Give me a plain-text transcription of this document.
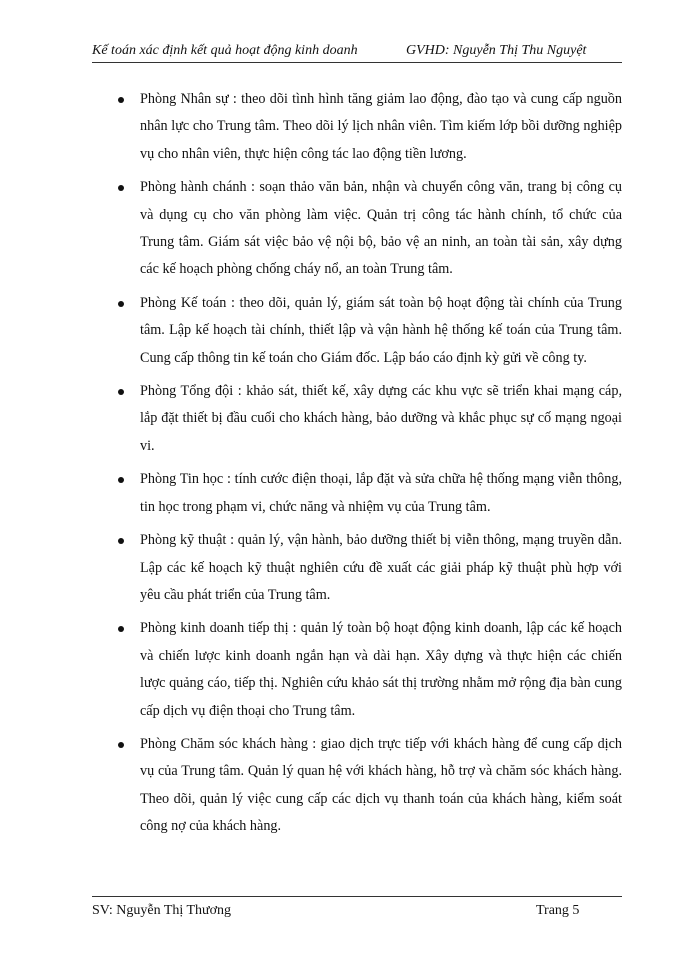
Kế toán xác định kết quả hoạt động kinh doanh	GVHD: Nguyễn Thị Thu Nguyệt
Phòng Nhân sự : theo dõi tình hình tăng giảm lao động, đào tạo và cung cấp nguồn nhân lực cho Trung tâm. Theo dõi lý lịch nhân viên. Tìm kiếm lớp bồi dưỡng nghiệp vụ cho nhân viên, thực hiện công tác lao động tiền lương.
Phòng hành chánh : soạn thảo văn bản, nhận và chuyển công văn, trang bị công cụ và dụng cụ cho văn phòng làm việc. Quản trị công tác hành chính, tổ chức của Trung tâm. Giám sát việc bảo vệ nội bộ, bảo vệ an ninh, an toàn tài sản, xây dựng các kế hoạch phòng chống cháy nổ, an toàn Trung tâm.
Phòng Kế toán : theo dõi, quản lý, giám sát toàn bộ hoạt động tài chính của Trung tâm. Lập kế hoạch tài chính, thiết lập và vận hành hệ thống kế toán của Trung tâm. Cung cấp thông tin kế toán cho Giám đốc. Lập báo cáo định kỳ gửi về công ty.
Phòng Tổng đội : khảo sát, thiết kế, xây dựng các khu vực sẽ triển khai mạng cáp, lắp đặt thiết bị đầu cuối cho khách hàng, bảo dưỡng và khắc phục sự cố mạng ngoại vi.
Phòng Tin học : tính cước điện thoại, lắp đặt và sửa chữa hệ thống mạng viễn thông, tin học trong phạm vi, chức năng và nhiệm vụ của Trung tâm.
Phòng kỹ thuật : quản lý, vận hành, bảo dưỡng thiết bị viễn thông, mạng truyền dẫn. Lập các kế hoạch kỹ thuật nghiên cứu đề xuất các giải pháp kỹ thuật phù hợp với yêu cầu phát triển của Trung tâm.
Phòng kinh doanh tiếp thị : quản lý toàn bộ hoạt động kinh doanh, lập các kế hoạch và chiến lược kinh doanh ngắn hạn và dài hạn. Xây dựng và thực hiện các chiến lược quảng cáo, tiếp thị. Nghiên cứu khảo sát thị trường nhằm mở rộng địa bàn cung cấp dịch vụ điện thoại cho Trung tâm.
Phòng Chăm sóc khách hàng : giao dịch trực tiếp với khách hàng để cung cấp dịch vụ của Trung tâm. Quản lý quan hệ với khách hàng, hỗ trợ và chăm sóc khách hàng. Theo dõi, quản lý việc cung cấp các dịch vụ thanh toán của khách hàng, kiểm soát công nợ của khách hàng.
SV: Nguyễn Thị Thương	Trang 5
